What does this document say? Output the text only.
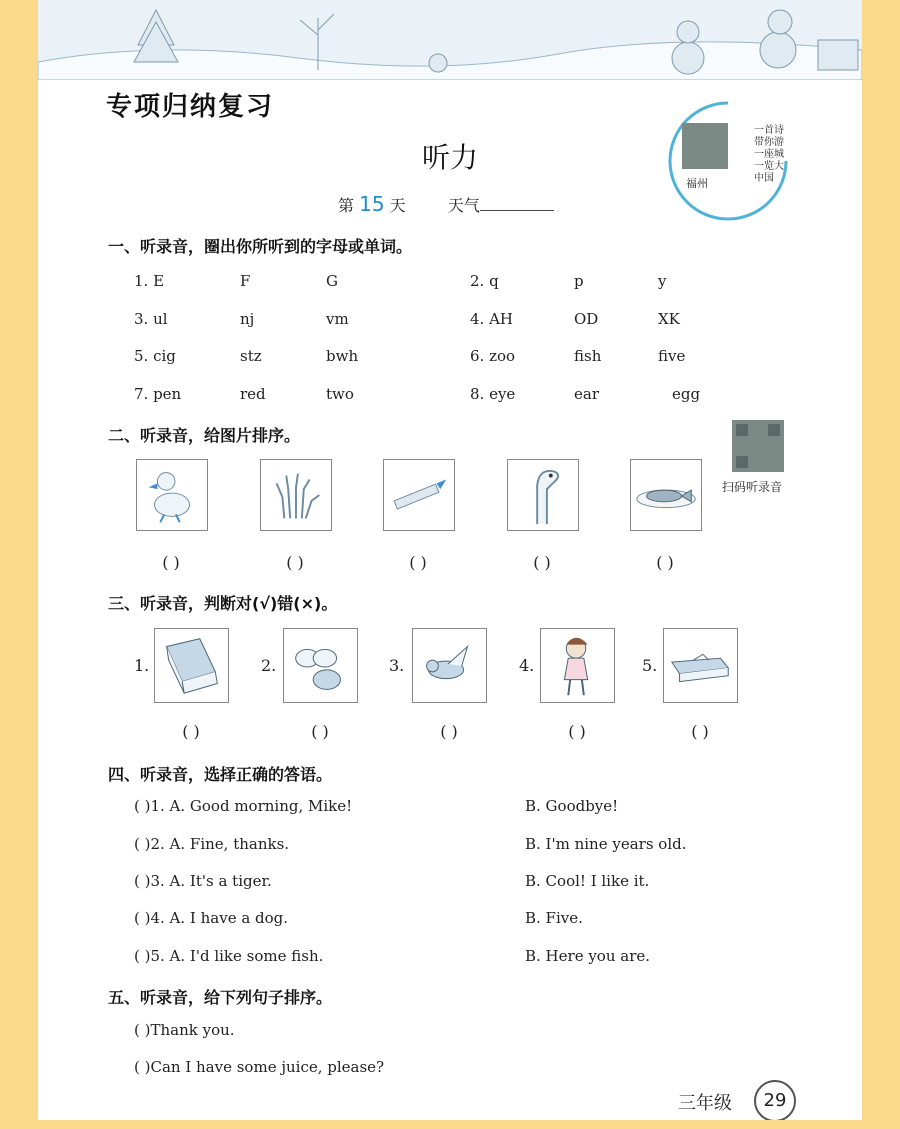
专项归纳复习
听力
第 15 天	天气
福州
一首诗
带你游
一座城
一览大中国
一、听录音，圈出你所听到的字母或单词。
1. E	F	G	2. q	p	y
3. ul	nj	vm	4. AH	OD	XK
5. cig	stz	bwh	6. zoo	fish	five
7. pen	red	two	8. eye	ear	egg
二、听录音，给图片排序。
扫码听录音
( )	( )	( )	( )	( )
三、听录音，判断对(√)错(×)。
1.	2.	3.	4.	5.
( )	( )	( )	( )	( )
四、听录音，选择正确的答语。
( )1. A. Good morning, Mike!	B. Goodbye!
( )2. A. Fine, thanks.	B. I'm nine years old.
( )3. A. It's a tiger.	B. Cool! I like it.
( )4. A. I have a dog.	B. Five.
( )5. A. I'd like some fish.	B. Here you are.
五、听录音，给下列句子排序。
( )Thank you.
( )Can I have some juice, please?
三年级	29
